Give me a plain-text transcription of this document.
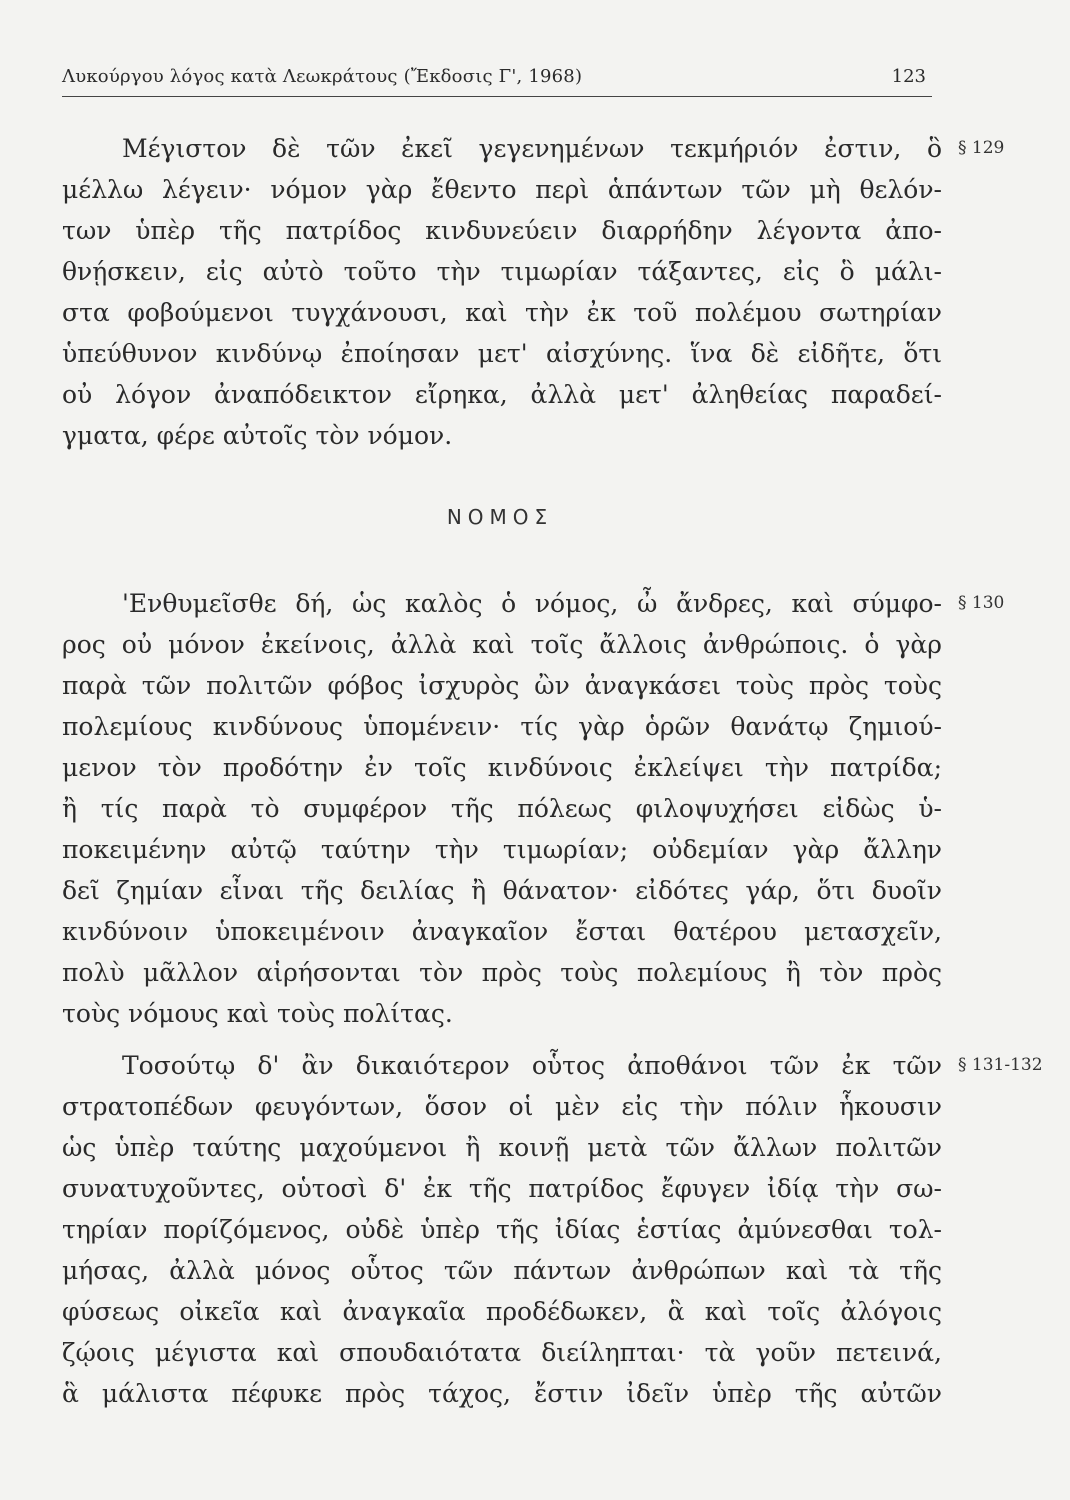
Λυκούργου λόγος κατὰ Λεωκράτους (Ἔκδοσις Γ', 1968)	123
Μέγιστον δὲ τῶν ἐκεῖ γεγενημένων τεκμήριόν ἐστιν, ὃ
μέλλω λέγειν· νόμον γὰρ ἔθεντο περὶ ἁπάντων τῶν μὴ θελόν-
των ὑπὲρ τῆς πατρίδος κινδυνεύειν διαρρήδην λέγοντα ἀπο-
θνῄσκειν, εἰς αὐτὸ τοῦτο τὴν τιμωρίαν τάξαντες, εἰς ὃ μάλι-
στα φοβούμενοι τυγχάνουσι, καὶ τὴν ἐκ τοῦ πολέμου σωτηρίαν
ὑπεύθυνον κινδύνῳ ἐποίησαν μετ' αἰσχύνης. ἵνα δὲ εἰδῆτε, ὅτι
οὐ λόγον ἀναπόδεικτον εἴρηκα, ἀλλὰ μετ' ἀληθείας παραδεί-
γματα, φέρε αὐτοῖς τὸν νόμον.
§ 129
ΝΟΜΟΣ
'Ενθυμεῖσθε δή, ὡς καλὸς ὁ νόμος, ὦ ἄνδρες, καὶ σύμφο-
ρος οὐ μόνον ἐκείνοις, ἀλλὰ καὶ τοῖς ἄλλοις ἀνθρώποις. ὁ γὰρ
παρὰ τῶν πολιτῶν φόβος ἰσχυρὸς ὢν ἀναγκάσει τοὺς πρὸς τοὺς
πολεμίους κινδύνους ὑπομένειν· τίς γὰρ ὁρῶν θανάτῳ ζημιού-
μενον τὸν προδότην ἐν τοῖς κινδύνοις ἐκλείψει τὴν πατρίδα;
ἢ τίς παρὰ τὸ συμφέρον τῆς πόλεως φιλοψυχήσει εἰδὼς ὑ-
ποκειμένην αὐτῷ ταύτην τὴν τιμωρίαν; οὐδεμίαν γὰρ ἄλλην
δεῖ ζημίαν εἶναι τῆς δειλίας ἢ θάνατον· εἰδότες γάρ, ὅτι δυοῖν
κινδύνοιν ὑποκειμένοιν ἀναγκαῖον ἔσται θατέρου μετασχεῖν,
πολὺ μᾶλλον αἱρήσονται τὸν πρὸς τοὺς πολεμίους ἢ τὸν πρὸς
τοὺς νόμους καὶ τοὺς πολίτας.
§ 130
Τοσούτῳ δ' ἂν δικαιότερον οὗτος ἀποθάνοι τῶν ἐκ τῶν
στρατοπέδων φευγόντων, ὅσον οἱ μὲν εἰς τὴν πόλιν ἧκουσιν
ὡς ὑπὲρ ταύτης μαχούμενοι ἢ κοινῇ μετὰ τῶν ἄλλων πολιτῶν
συνατυχοῦντες, οὑτοσὶ δ' ἐκ τῆς πατρίδος ἔφυγεν ἰδίᾳ τὴν σω-
τηρίαν πορίζόμενος, οὐδὲ ὑπὲρ τῆς ἰδίας ἑστίας ἀμύνεσθαι τολ-
μήσας, ἀλλὰ μόνος οὗτος τῶν πάντων ἀνθρώπων καὶ τὰ τῆς
φύσεως οἰκεῖα καὶ ἀναγκαῖα προδέδωκεν, ἃ καὶ τοῖς ἀλόγοις
ζῴοις μέγιστα καὶ σπουδαιότατα διείληπται· τὰ γοῦν πετεινά,
ἃ μάλιστα πέφυκε πρὸς τάχος, ἔστιν ἰδεῖν ὑπὲρ τῆς αὐτῶν
§ 131-132
